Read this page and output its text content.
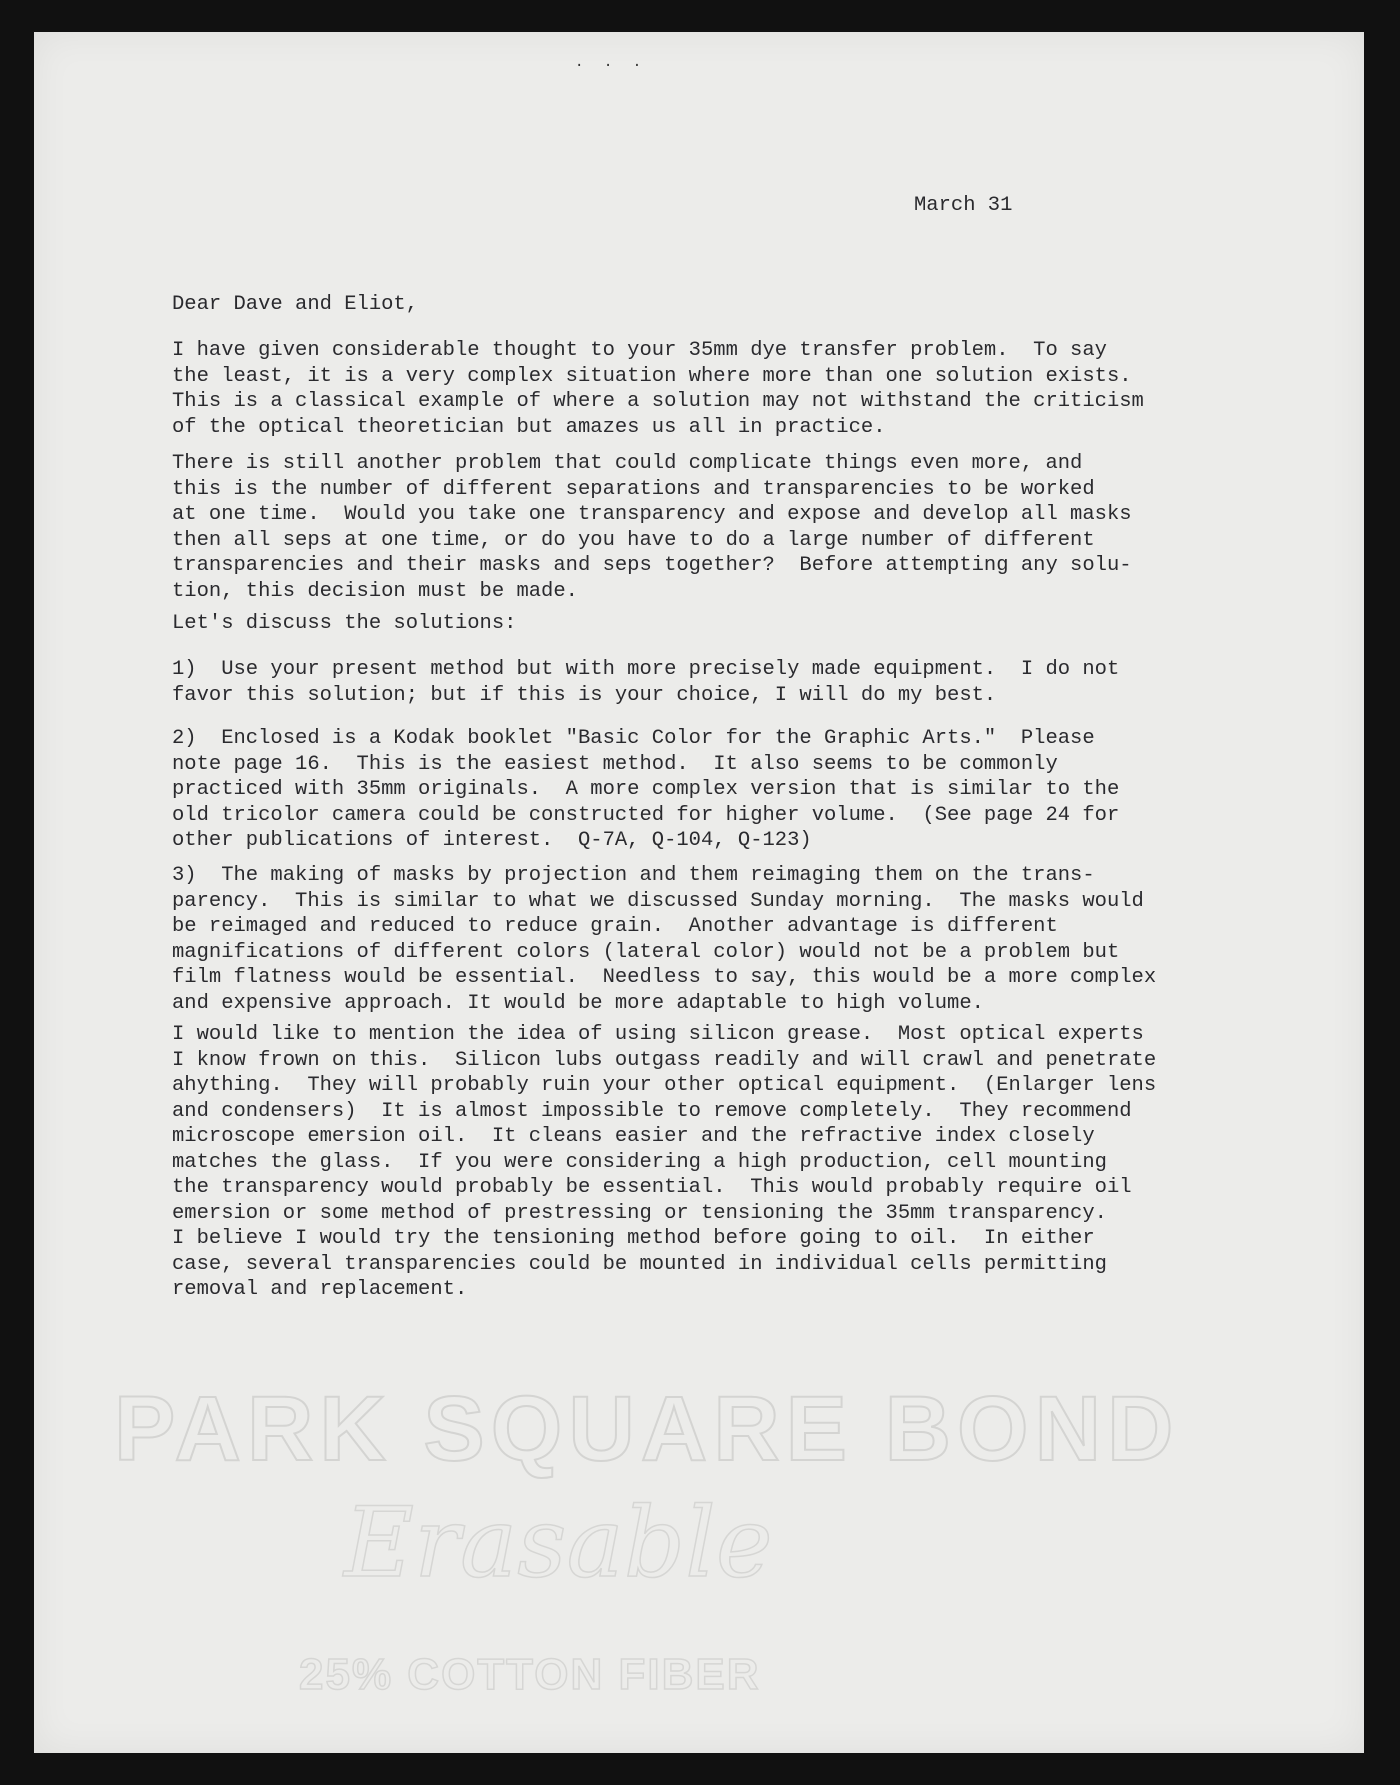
. . .
PARK SQUARE BOND
Erasable
25% COTTON FIBER
March 31
Dear Dave and Eliot,
I have given considerable thought to your 35mm dye transfer problem.  To say
the least, it is a very complex situation where more than one solution exists.
This is a classical example of where a solution may not withstand the criticism
of the optical theoretician but amazes us all in practice.
There is still another problem that could complicate things even more, and
this is the number of different separations and transparencies to be worked
at one time.  Would you take one transparency and expose and develop all masks
then all seps at one time, or do you have to do a large number of different
transparencies and their masks and seps together?  Before attempting any solu-
tion, this decision must be made.
Let's discuss the solutions:
1)  Use your present method but with more precisely made equipment.  I do not
favor this solution; but if this is your choice, I will do my best.
2)  Enclosed is a Kodak booklet "Basic Color for the Graphic Arts."  Please
note page 16.  This is the easiest method.  It also seems to be commonly
practiced with 35mm originals.  A more complex version that is similar to the
old tricolor camera could be constructed for higher volume.  (See page 24 for
other publications of interest.  Q-7A, Q-104, Q-123)
3)  The making of masks by projection and them reimaging them on the trans-
parency.  This is similar to what we discussed Sunday morning.  The masks would
be reimaged and reduced to reduce grain.  Another advantage is different
magnifications of different colors (lateral color) would not be a problem but
film flatness would be essential.  Needless to say, this would be a more complex
and expensive approach. It would be more adaptable to high volume.
I would like to mention the idea of using silicon grease.  Most optical experts
I know frown on this.  Silicon lubs outgass readily and will crawl and penetrate
ahything.  They will probably ruin your other optical equipment.  (Enlarger lens
and condensers)  It is almost impossible to remove completely.  They recommend
microscope emersion oil.  It cleans easier and the refractive index closely
matches the glass.  If you were considering a high production, cell mounting
the transparency would probably be essential.  This would probably require oil
emersion or some method of prestressing or tensioning the 35mm transparency.
I believe I would try the tensioning method before going to oil.  In either
case, several transparencies could be mounted in individual cells permitting
removal and replacement.
